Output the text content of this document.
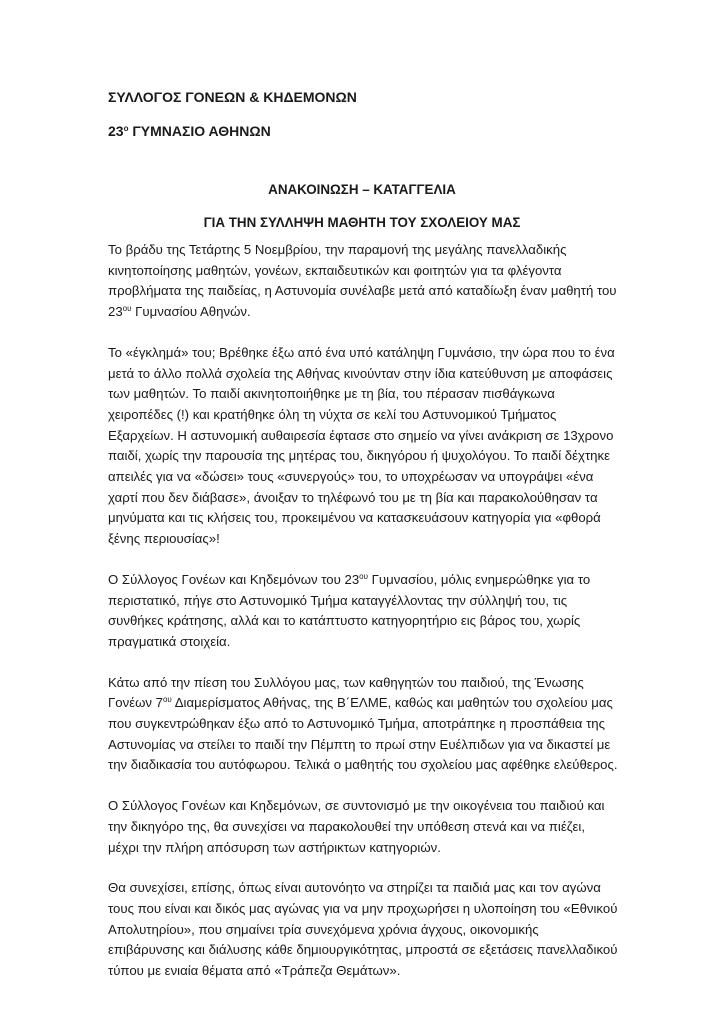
ΣΥΛΛΟΓΟΣ ΓΟΝΕΩΝ & ΚΗΔΕΜΟΝΩΝ

$23^o$ ΓΥΜΝΑΣΙΟ ΑΘΗΝΩΝ

ΑΝΑΚΟΙΝΩΣΗ – ΚΑΤΑΓΓΕΛΙΑ

ΓΙΑ ΤΗΝ ΣΥΛΛΗΨΗ ΜΑΘΗΤΗ ΤΟΥ ΣΧΟΛΕΙΟΥ ΜΑΣ

Το βράδυ της Τετάρτης 5 Νοεμβρίου, την παραμονή της μεγάλης πανελλαδικής κινητοποίησης μαθητών, γονέων, εκπαιδευτικών και φοιτητών για τα φλέγοντα προβλήματα της παιδείας, η Αστυνομία συνέλαβε μετά από καταδίωξη έναν μαθητή του $23^{o\upsilon}$ Γυμνασίου Αθηνών.

Το «έγκλημά» του; Βρέθηκε έξω από ένα υπό κατάληψη Γυμνάσιο, την ώρα που το ένα μετά το άλλο πολλά σχολεία της Αθήνας κινούνταν στην ίδια κατεύθυνση με αποφάσεις των μαθητών. Το παιδί ακινητοποιήθηκε με τη βία, του πέρασαν πισθάγκωνα χειροπέδες (!) και κρατήθηκε όλη τη νύχτα σε κελί του Αστυνομικού Τμήματος Εξαρχείων. Η αστυνομική αυθαιρεσία έφτασε στο σημείο να γίνει ανάκριση σε 13χρονο παιδί, χωρίς την παρουσία της μητέρας του, δικηγόρου ή ψυχολόγου. Το παιδί δέχτηκε απειλές για να «δώσει» τους «συνεργούς» του, το υποχρέωσαν να υπογράψει «ένα χαρτί που δεν διάβασε», άνοιξαν το τηλέφωνό του με τη βία και παρακολούθησαν τα μηνύματα και τις κλήσεις του, προκειμένου να κατασκευάσουν κατηγορία για «φθορά ξένης περιουσίας»!

Ο Σύλλογος Γονέων και Κηδεμόνων του $23^{o\upsilon}$ Γυμνασίου, μόλις ενημερώθηκε για το περιστατικό, πήγε στο Αστυνομικό Τμήμα καταγγέλλοντας την σύλληψή του, τις συνθήκες κράτησης, αλλά και το κατάπτυστο κατηγορητήριο εις βάρος του, χωρίς πραγματικά στοιχεία.

Κάτω από την πίεση του Συλλόγου μας, των καθηγητών του παιδιού, της Ένωσης Γονέων $7^{o\upsilon}$ Διαμερίσματος Αθήνας, της Β΄ΕΛΜΕ, καθώς και μαθητών του σχολείου μας που συγκεντρώθηκαν έξω από το Αστυνομικό Τμήμα, αποτράπηκε η προσπάθεια της Αστυνομίας να στείλει το παιδί την Πέμπτη το πρωί στην Ευέλπιδων για να δικαστεί με την διαδικασία του αυτόφωρου. Τελικά ο μαθητής του σχολείου μας αφέθηκε ελεύθερος.

Ο Σύλλογος Γονέων και Κηδεμόνων, σε συντονισμό με την οικογένεια του παιδιού και την δικηγόρο της, θα συνεχίσει να παρακολουθεί την υπόθεση στενά και να πιέζει, μέχρι την πλήρη απόσυρση των αστήρικτων κατηγοριών.

Θα συνεχίσει, επίσης, όπως είναι αυτονόητο να στηρίζει τα παιδιά μας και τον αγώνα τους που είναι και δικός μας αγώνας για να μην προχωρήσει η υλοποίηση του «Εθνικού Απολυτηρίου», που σημαίνει τρία συνεχόμενα χρόνια άγχους, οικονομικής επιβάρυνσης και διάλυσης κάθε δημιουργικότητας, μπροστά σε εξετάσεις πανελλαδικού τύπου με ενιαία θέματα από «Τράπεζα Θεμάτων».
